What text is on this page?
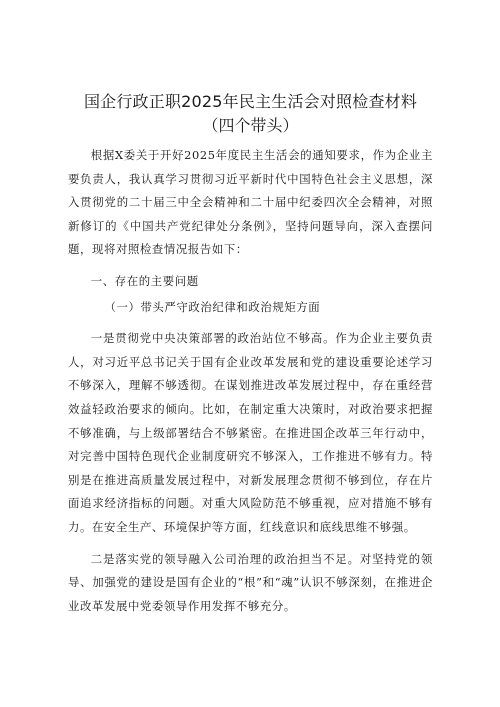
国企行政正职2025年民主生活会对照检查材料
（四个带头）

根据X委关于开好2025年度民主生活会的通知要求，作为企业主要负责人，我认真学习贯彻习近平新时代中国特色社会主义思想，深入贯彻党的二十届三中全会精神和二十届中纪委四次全会精神，对照新修订的《中国共产党纪律处分条例》，坚持问题导向，深入查摆问题，现将对照检查情况报告如下：

一、存在的主要问题

（一）带头严守政治纪律和政治规矩方面

一是贯彻党中央决策部署的政治站位不够高。作为企业主要负责人，对习近平总书记关于国有企业改革发展和党的建设重要论述学习不够深入，理解不够透彻。在谋划推进改革发展过程中，存在重经营效益轻政治要求的倾向。比如，在制定重大决策时，对政治要求把握不够准确，与上级部署结合不够紧密。在推进国企改革三年行动中，对完善中国特色现代企业制度研究不够深入，工作推进不够有力。特别是在推进高质量发展过程中，对新发展理念贯彻不够到位，存在片面追求经济指标的问题。对重大风险防范不够重视，应对措施不够有力。在安全生产、环境保护等方面，红线意识和底线思维不够强。

二是落实党的领导融入公司治理的政治担当不足。对坚持党的领导、加强党的建设是国有企业的“根”和“魂”认识不够深刻，在推进企业改革发展中党委领导作用发挥不够充分。
